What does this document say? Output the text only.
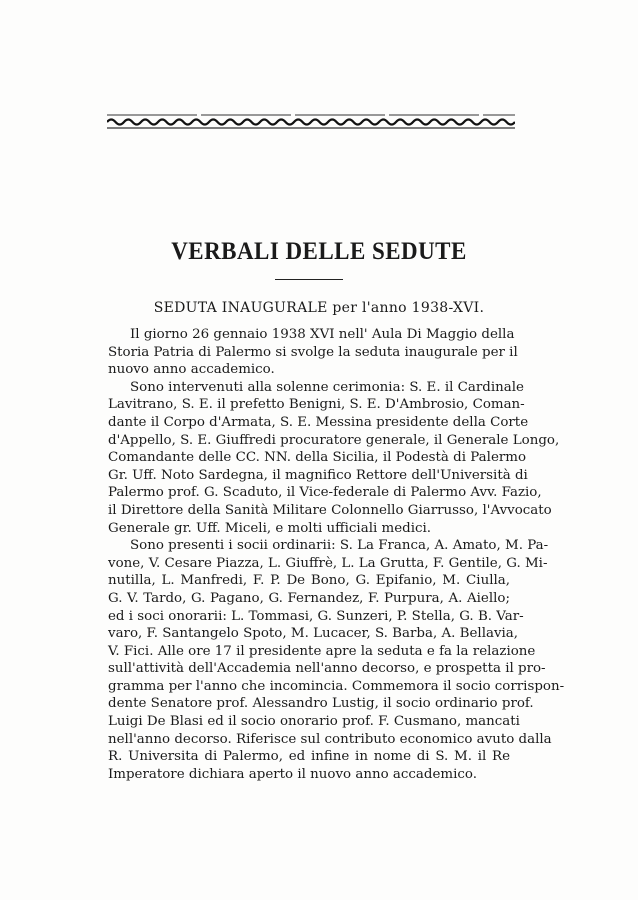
VERBALI DELLE SEDUTE
SEDUTA INAUGURALE per l'anno 1938-XVI.
Il giorno 26 gennaio 1938 XVI nell' Aula Di Maggio della
Storia Patria di Palermo si svolge la seduta inaugurale per il
nuovo anno accademico.
Sono intervenuti alla solenne cerimonia: S. E. il Cardinale
Lavitrano, S. E. il prefetto Benigni, S. E. D'Ambrosio, Coman-
dante il Corpo d'Armata, S. E. Messina presidente della Corte
d'Appello, S. E. Giuffredi procuratore generale, il Generale Longo,
Comandante delle CC. NN. della Sicilia, il Podestà di Palermo
Gr. Uff. Noto Sardegna, il magnifico Rettore dell'Università di
Palermo prof. G. Scaduto, il Vice-federale di Palermo Avv. Fazio,
il Direttore della Sanità Militare Colonnello Giarrusso, l'Avvocato
Generale gr. Uff. Miceli, e molti ufficiali medici.
Sono presenti i socii ordinarii: S. La Franca, A. Amato, M. Pa-
vone, V. Cesare Piazza, L. Giuffrè, L. La Grutta, F. Gentile, G. Mi-
nutilla, L. Manfredi, F. P. De Bono, G. Epifanio, M. Ciulla,
G. V. Tardo, G. Pagano, G. Fernandez, F. Purpura, A. Aiello;
ed i soci onorarii: L. Tommasi, G. Sunzeri, P. Stella, G. B. Var-
varo, F. Santangelo Spoto, M. Lucacer, S. Barba, A. Bellavia,
V. Fici. Alle ore 17 il presidente apre la seduta e fa la relazione
sull'attività dell'Accademia nell'anno decorso, e prospetta il pro-
gramma per l'anno che incomincia. Commemora il socio corrispon-
dente Senatore prof. Alessandro Lustig, il socio ordinario prof.
Luigi De Blasi ed il socio onorario prof. F. Cusmano, mancati
nell'anno decorso. Riferisce sul contributo economico avuto dalla
R. Universita di Palermo, ed infine in nome di S. M. il Re
Imperatore dichiara aperto il nuovo anno accademico.
